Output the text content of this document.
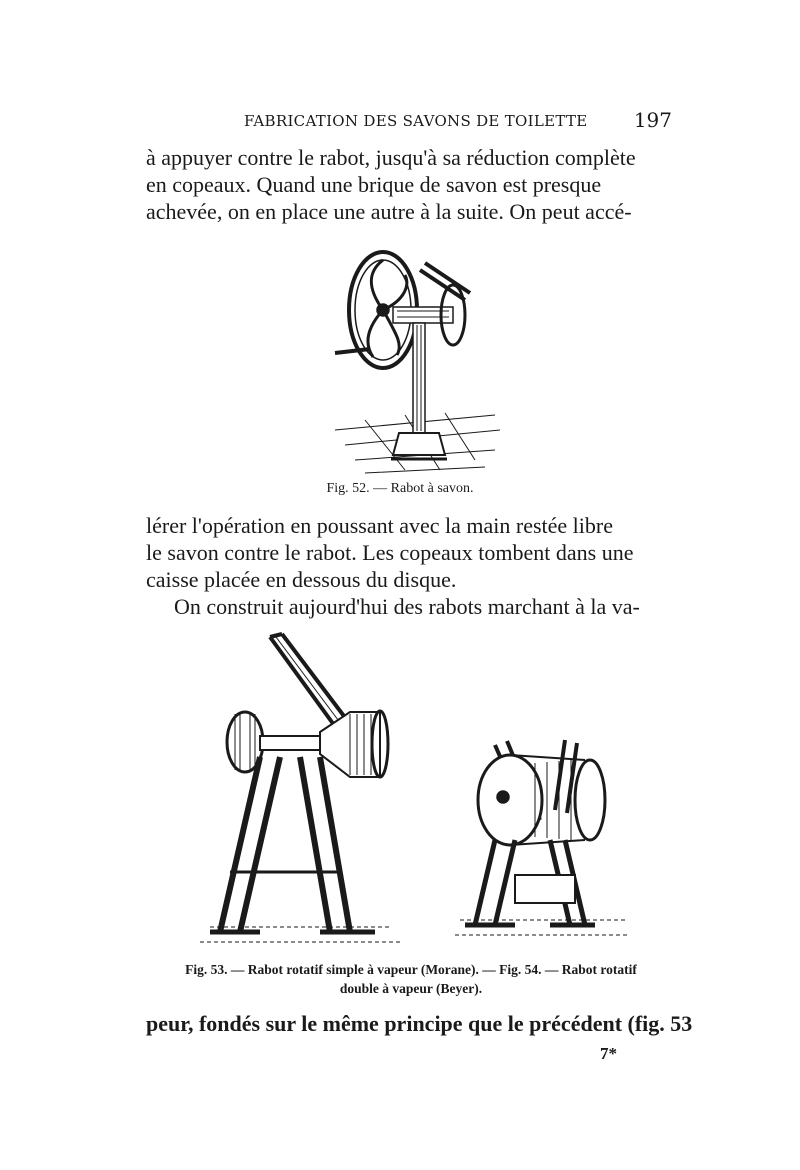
FABRICATION DES SAVONS DE TOILETTE 197

à appuyer contre le rabot, jusqu'à sa réduction complète
en copeaux. Quand une brique de savon est presque
achevée, on en place une autre à la suite. On peut accé-

Fig. 52. — Rabot à savon.

lérer l'opération en poussant avec la main restée libre
le savon contre le rabot. Les copeaux tombent dans une
caisse placée en dessous du disque.

On construit aujourd'hui des rabots marchant à la va-

Fig. 53. — Rabot rotatif simple à vapeur (Morane). — Fig. 54. — Rabot rotatif
double à vapeur (Beyer).

peur, fondés sur le même principe que le précédent (fig. 53

7*
